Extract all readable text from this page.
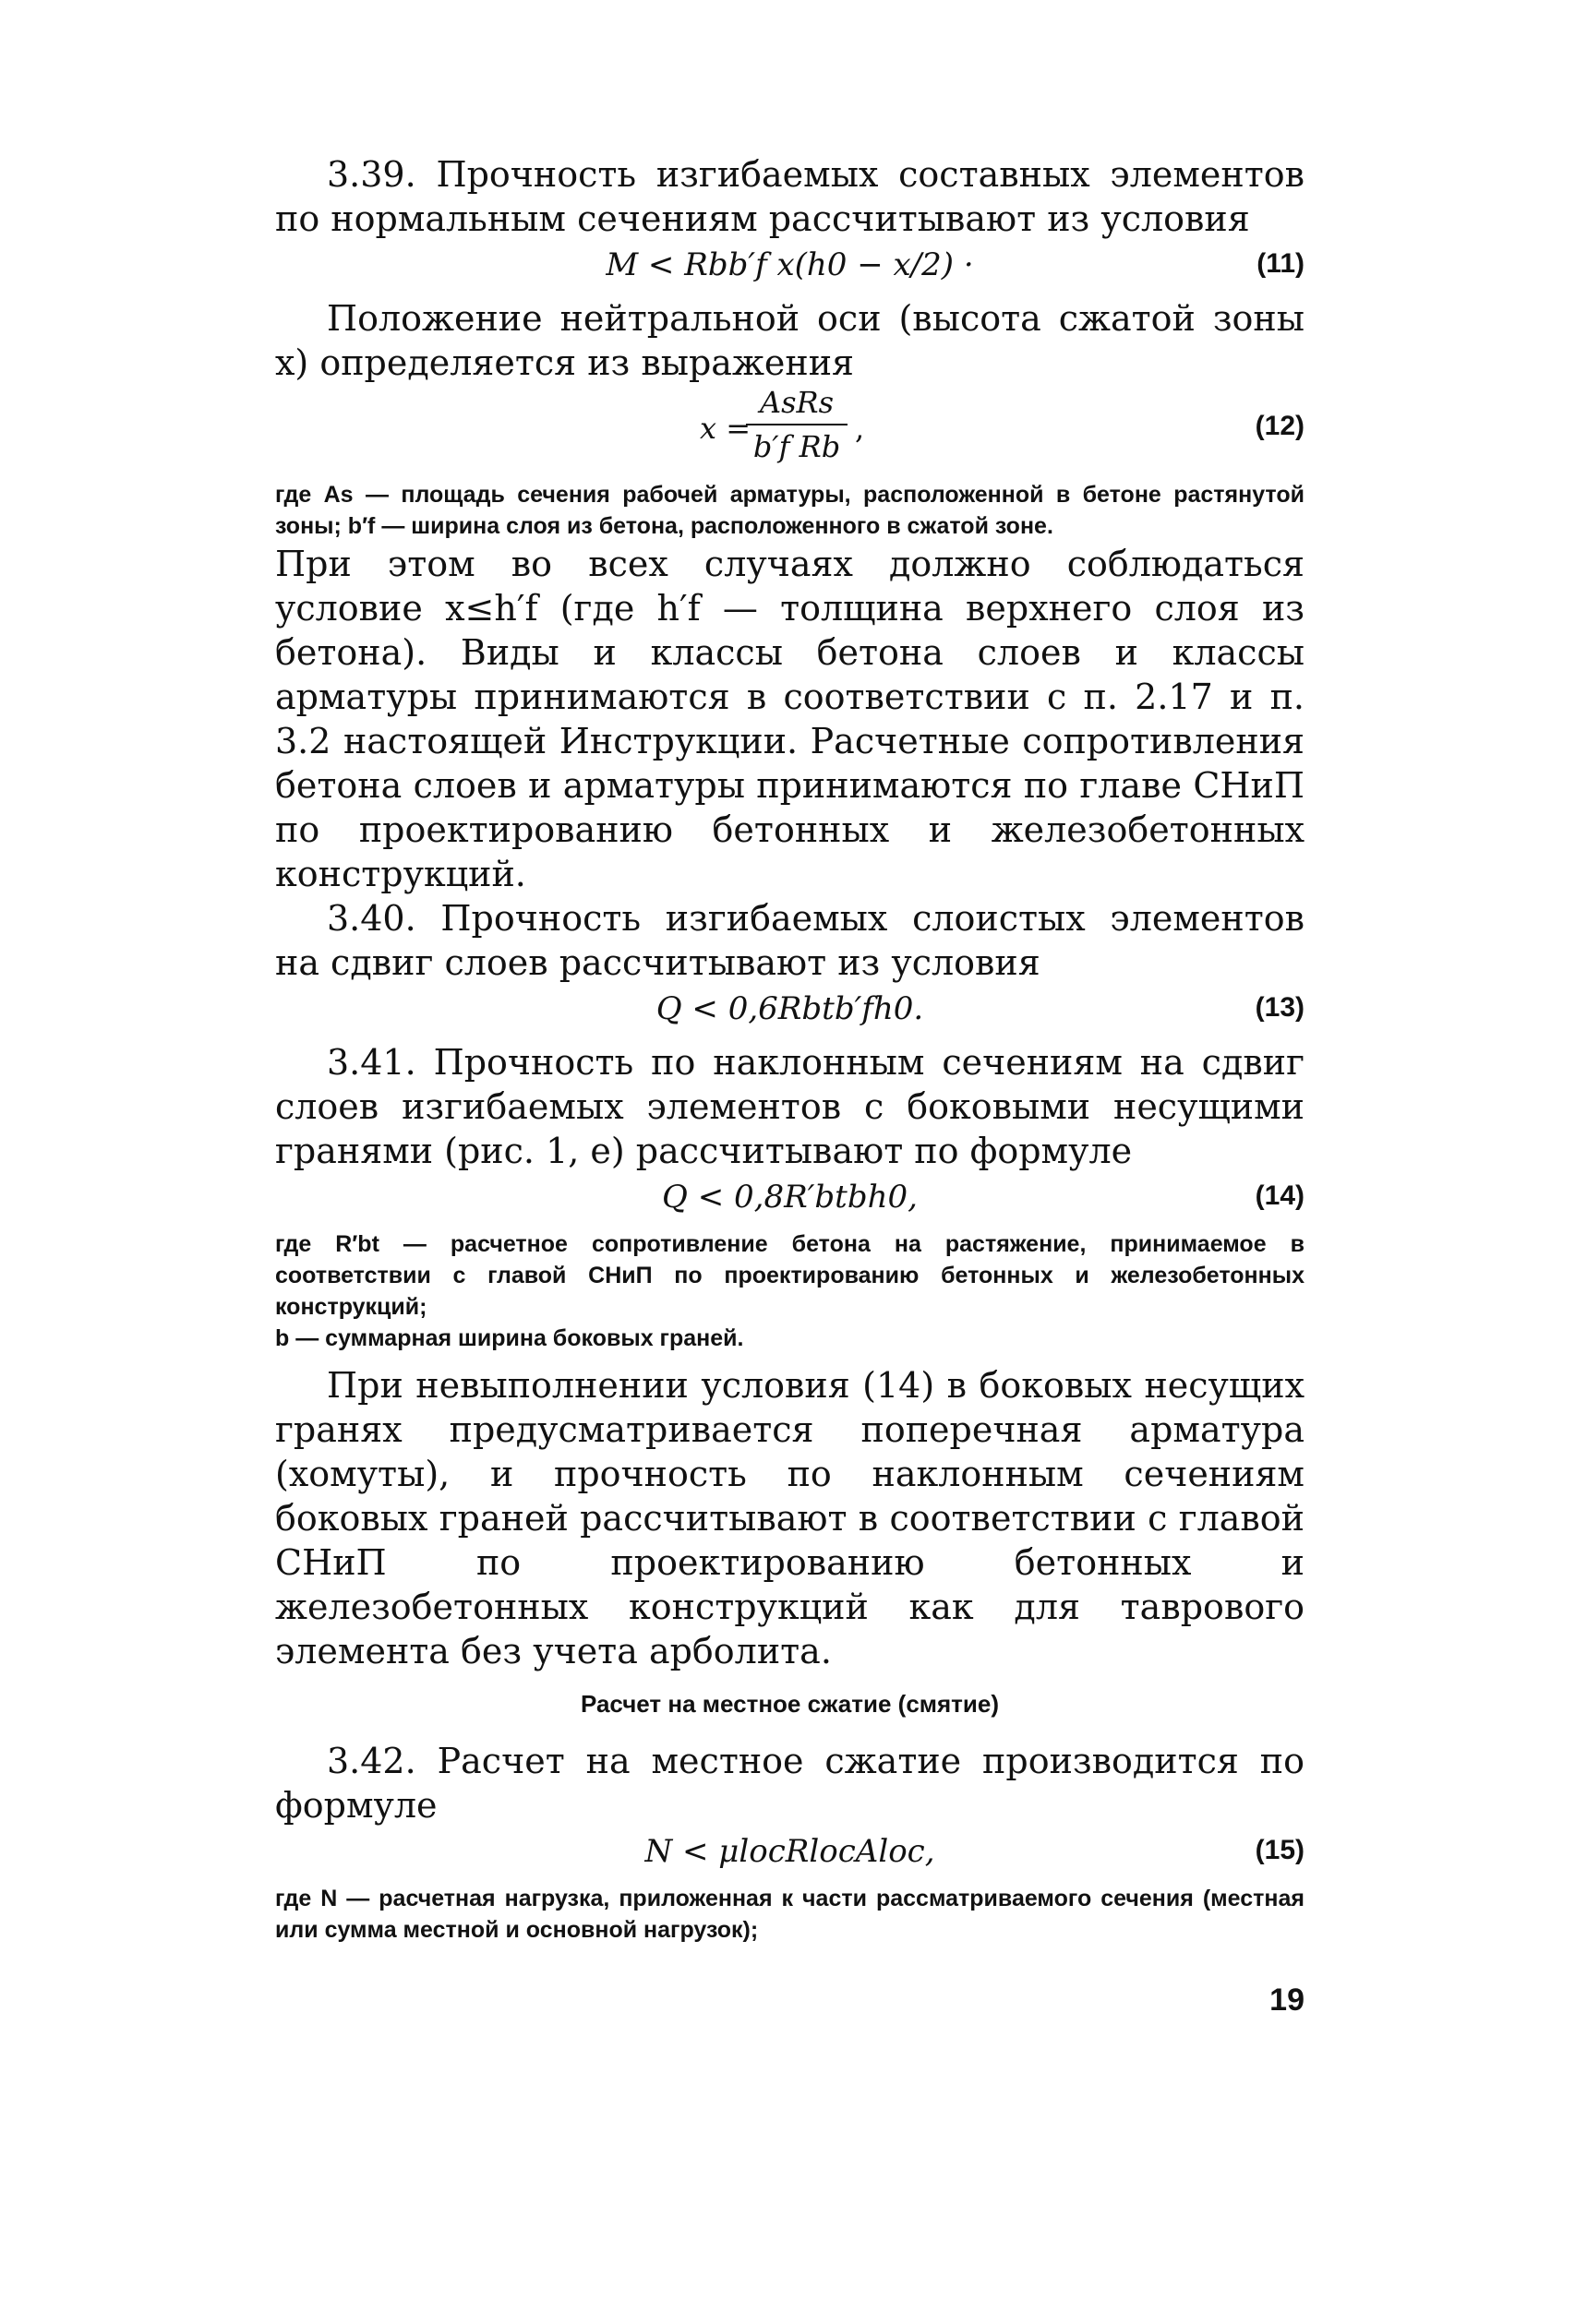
3.39. Прочность изгибаемых составных элементов по нормальным сечениям рассчитывают из условия

M < Rbb′f x(h0 − x/2) ·	(11)

Положение нейтральной оси (высота сжатой зоны x) определяется из выражения

x =
AsRs
b′f Rb
,	(12)

где As — площадь сечения рабочей арматуры, расположенной в бетоне растянутой зоны; b′f — ширина слоя из бетона, расположенного в сжатой зоне.

При этом во всех случаях должно соблюдаться условие x≤h′f (где h′f — толщина верхнего слоя из бетона). Виды и классы бетона слоев и классы арматуры принимаются в соответствии с п. 2.17 и п. 3.2 настоящей Инструкции. Расчетные сопротивления бетона слоев и арматуры принимаются по главе СНиП по проектированию бетонных и железобетонных конструкций.

3.40. Прочность изгибаемых слоистых элементов на сдвиг слоев рассчитывают из условия

Q < 0,6Rbtb′fh0.	(13)

3.41. Прочность по наклонным сечениям на сдвиг слоев изгибаемых элементов с боковыми несущими гранями (рис. 1, е) рассчитывают по формуле

Q < 0,8R′btbh0,	(14)

где R′bt — расчетное сопротивление бетона на растяжение, принимаемое в соответствии с главой СНиП по проектированию бетонных и железобетонных конструкций;

b — суммарная ширина боковых граней.

При невыполнении условия (14) в боковых несущих гранях предусматривается поперечная арматура (хомуты), и прочность по наклонным сечениям боковых граней рассчитывают в соответствии с главой СНиП по проектированию бетонных и железобетонных конструкций как для таврового элемента без учета арболита.

Расчет на местное сжатие (смятие)

3.42. Расчет на местное сжатие производится по формуле

N < μlocRlocAloc,	(15)

где N — расчетная нагрузка, приложенная к части рассматриваемого сечения (местная или сумма местной и основной нагрузок);

19
